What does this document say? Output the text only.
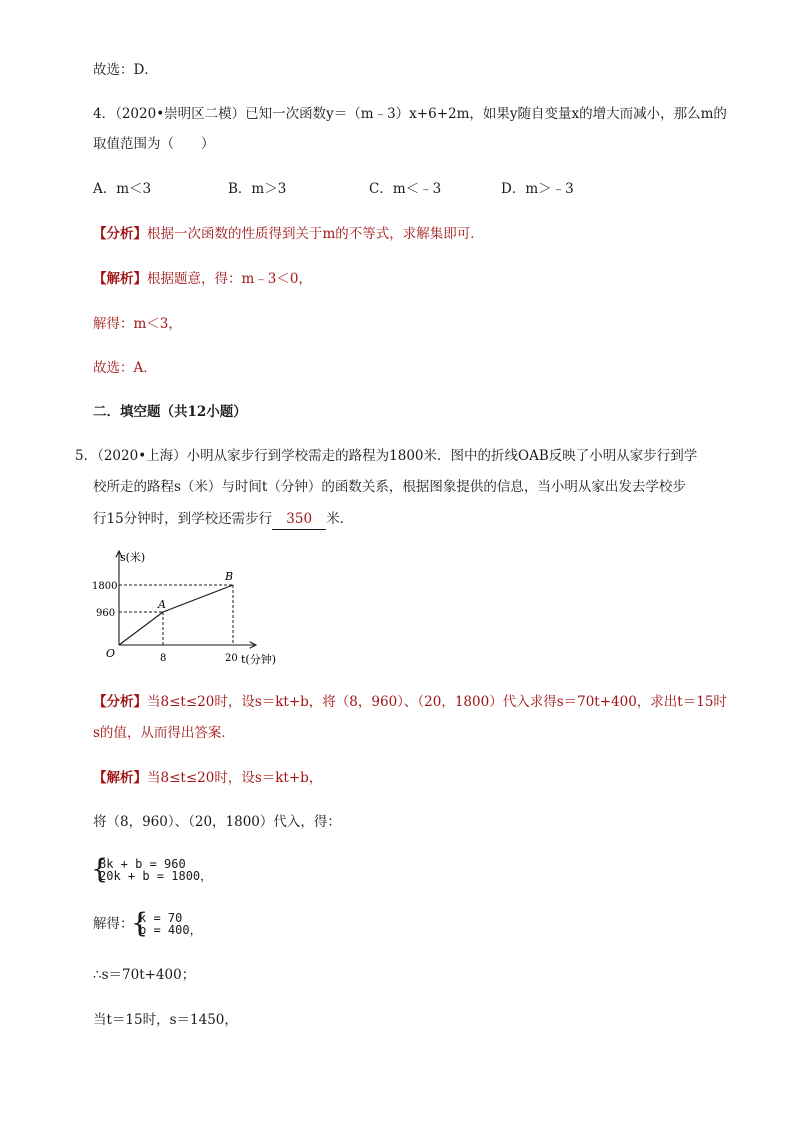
故选：D．
4．（2020•崇明区二模）已知一次函数y＝（m﹣3）x+6+2m，如果y随自变量x的增大而减小，那么m的
取值范围为（　　）
A．m＜3	B．m＞3	C．m＜﹣3	D．m＞﹣3
【分析】根据一次函数的性质得到关于m的不等式，求解集即可．
【解析】根据题意，得：m﹣3＜0，
解得：m＜3，
故选：A．
二．填空题（共12小题）
5．（2020•上海）小明从家步行到学校需走的路程为1800米．图中的折线OAB反映了小明从家步行到学
校所走的路程s（米）与时间t（分钟）的函数关系，根据图象提供的信息，当小明从家出发去学校步
行15分钟时，到学校还需步行 350 米．
s(米)
t(分钟)
O
A
B
1800
960
8	20
【分析】当8≤t≤20时，设s＝kt+b，将（8，960）、（20，1800）代入求得s＝70t+400，求出t＝15时
s的值，从而得出答案．
【解析】当8≤t≤20时，设s＝kt+b，
将（8，960）、（20，1800）代入，得：
{
8k + b = 960
20k + b = 1800，
解得：
{
k = 70
b = 400，
∴s＝70t+400；
当t＝15时，s＝1450，
